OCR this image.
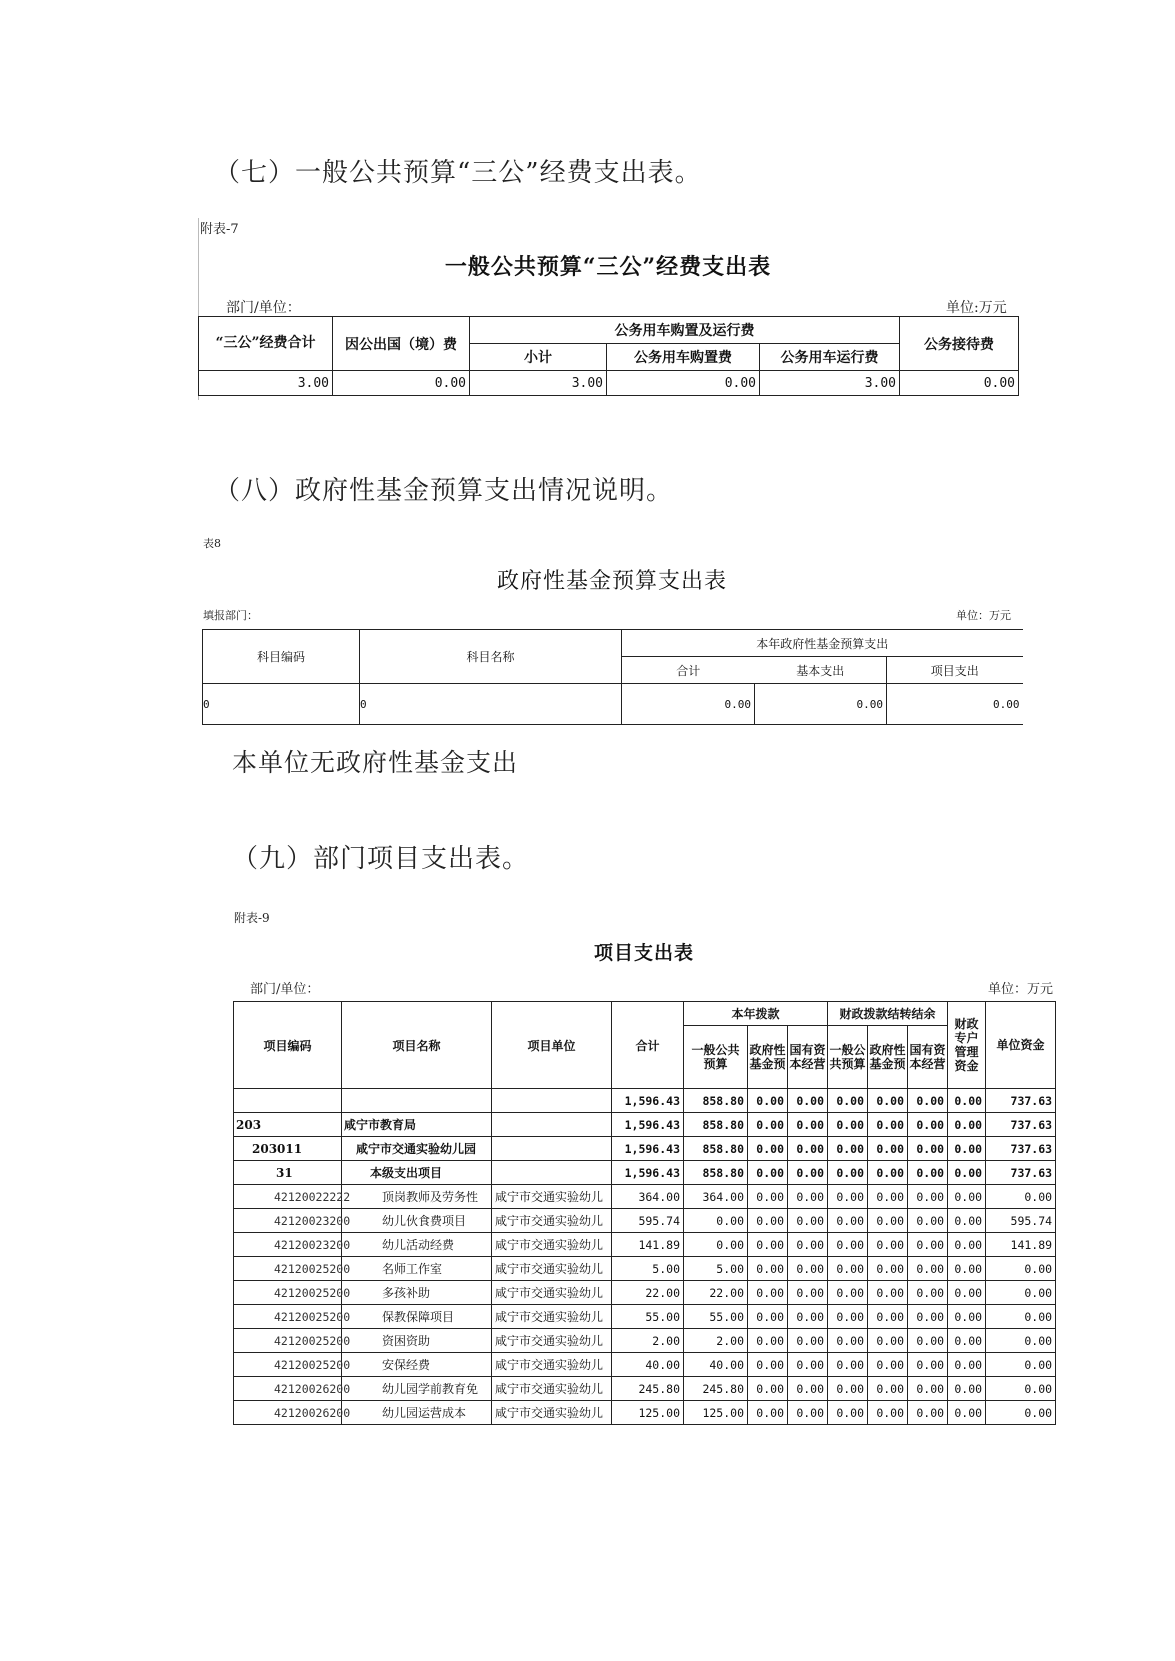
（七）一般公共预算“三公”经费支出表。
附表-7
一般公共预算“三公”经费支出表
部门/单位：	单位:万元
“三公”经费合计	因公出国（境）费	公务用车购置及运行费			公务接待费
		小计	公务用车购置费	公务用车运行费	
3.00	0.00	3.00	0.00	3.00	0.00
（八）政府性基金预算支出情况说明。
表8
政府性基金预算支出表
填报部门：	单位：万元
科目编码	科目名称	本年政府性基金预算支出		
		合计	基本支出	项目支出
0	0	0.00	0.00	0.00
本单位无政府性基金支出
（九）部门项目支出表。
附表-9
项目支出表
部门/单位：	单位：万元
项目编码	项目名称	项目单位	合计	本年拨款			财政拨款结转结余			财政专户管理资金	单位资金
				一般公共预算	政府性基金预	国有资本经营	一般公共预算	政府性基金预	国有资本经营		
			1,596.43	858.80	0.00	0.00	0.00	0.00	0.00	0.00	737.63
203	咸宁市教育局		1,596.43	858.80	0.00	0.00	0.00	0.00	0.00	0.00	737.63
203011	咸宁市交通实验幼儿园		1,596.43	858.80	0.00	0.00	0.00	0.00	0.00	0.00	737.63
31	本级支出项目		1,596.43	858.80	0.00	0.00	0.00	0.00	0.00	0.00	737.63
42120022222	顶岗教师及劳务性	咸宁市交通实验幼儿	364.00	364.00	0.00	0.00	0.00	0.00	0.00	0.00	0.00
42120023200	幼儿伙食费项目	咸宁市交通实验幼儿	595.74	0.00	0.00	0.00	0.00	0.00	0.00	0.00	595.74
42120023200	幼儿活动经费	咸宁市交通实验幼儿	141.89	0.00	0.00	0.00	0.00	0.00	0.00	0.00	141.89
42120025200	名师工作室	咸宁市交通实验幼儿	5.00	5.00	0.00	0.00	0.00	0.00	0.00	0.00	0.00
42120025200	多孩补助	咸宁市交通实验幼儿	22.00	22.00	0.00	0.00	0.00	0.00	0.00	0.00	0.00
42120025200	保教保障项目	咸宁市交通实验幼儿	55.00	55.00	0.00	0.00	0.00	0.00	0.00	0.00	0.00
42120025200	资困资助	咸宁市交通实验幼儿	2.00	2.00	0.00	0.00	0.00	0.00	0.00	0.00	0.00
42120025200	安保经费	咸宁市交通实验幼儿	40.00	40.00	0.00	0.00	0.00	0.00	0.00	0.00	0.00
42120026200	幼儿园学前教育免	咸宁市交通实验幼儿	245.80	245.80	0.00	0.00	0.00	0.00	0.00	0.00	0.00
42120026200	幼儿园运营成本	咸宁市交通实验幼儿	125.00	125.00	0.00	0.00	0.00	0.00	0.00	0.00	0.00
